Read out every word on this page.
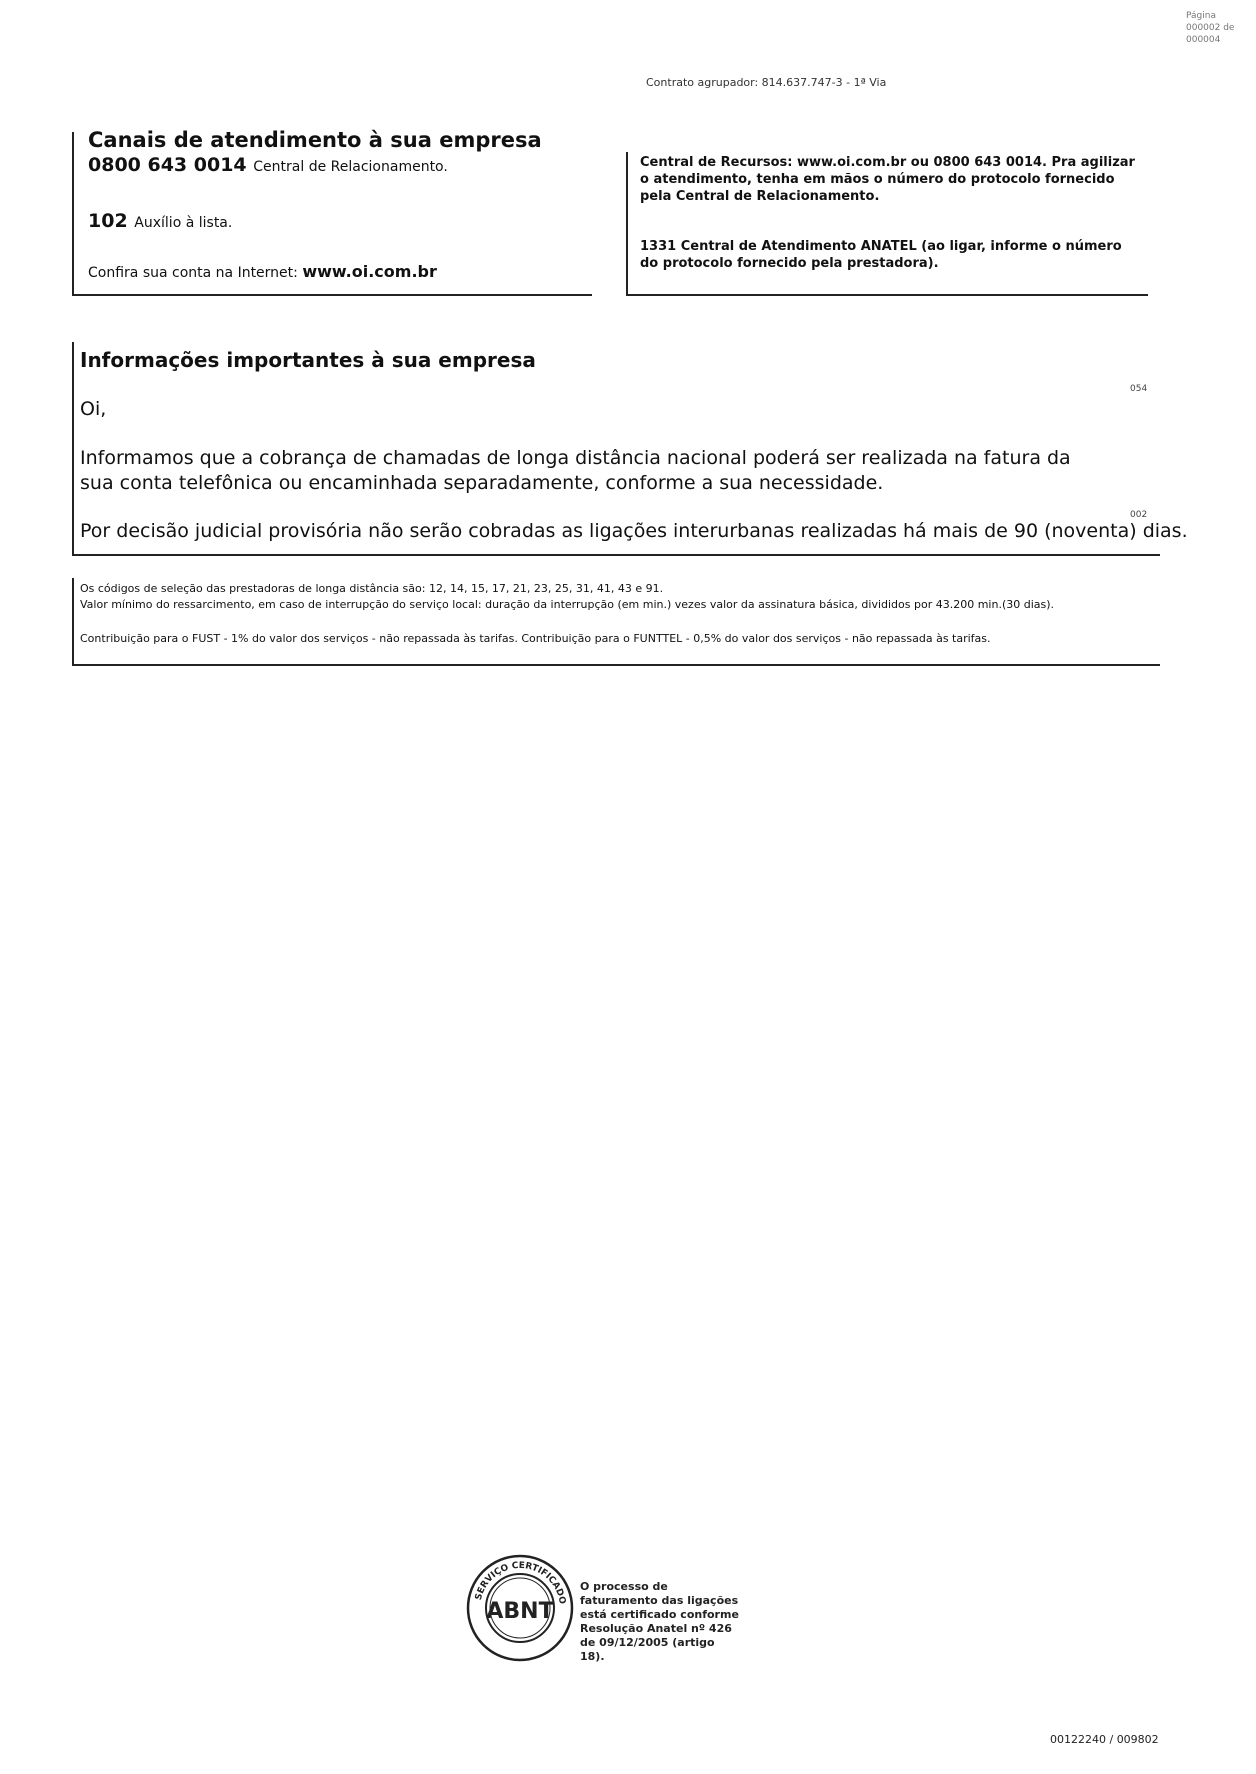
Página
000002 de
000004
Contrato agrupador: 814.637.747-3 - 1ª Via
Canais de atendimento à sua empresa
0800 643 0014 Central de Relacionamento.
102 Auxílio à lista.
Confira sua conta na Internet: www.oi.com.br

Central de Recursos: www.oi.com.br ou 0800 643 0014. Pra agilizar o atendimento, tenha em mãos o número do protocolo fornecido pela Central de Relacionamento.

1331 Central de Atendimento ANATEL (ao ligar, informe o número do protocolo fornecido pela prestadora).

Informações importantes à sua empresa
Oi,
054
Informamos que a cobrança de chamadas de longa distância nacional poderá ser realizada na fatura da sua conta telefônica ou encaminhada separadamente, conforme a sua necessidade.
002
Por decisão judicial provisória não serão cobradas as ligações interurbanas realizadas há mais de 90 (noventa) dias.

Os códigos de seleção das prestadoras de longa distância são: 12, 14, 15, 17, 21, 23, 25, 31, 41, 43 e 91.

Valor mínimo do ressarcimento, em caso de interrupção do serviço local: duração da interrupção (em min.) vezes valor da assinatura básica, divididos por 43.200 min.(30 dias).

Contribuição para o FUST - 1% do valor dos serviços - não repassada às tarifas. Contribuição para o FUNTTEL - 0,5% do valor dos serviços - não repassada às tarifas.

SERVIÇO CERTIFICADO
ABNT
O processo de faturamento das ligações está certificado conforme Resolução Anatel nº 426 de 09/12/2005 (artigo 18).
00122240 / 009802
